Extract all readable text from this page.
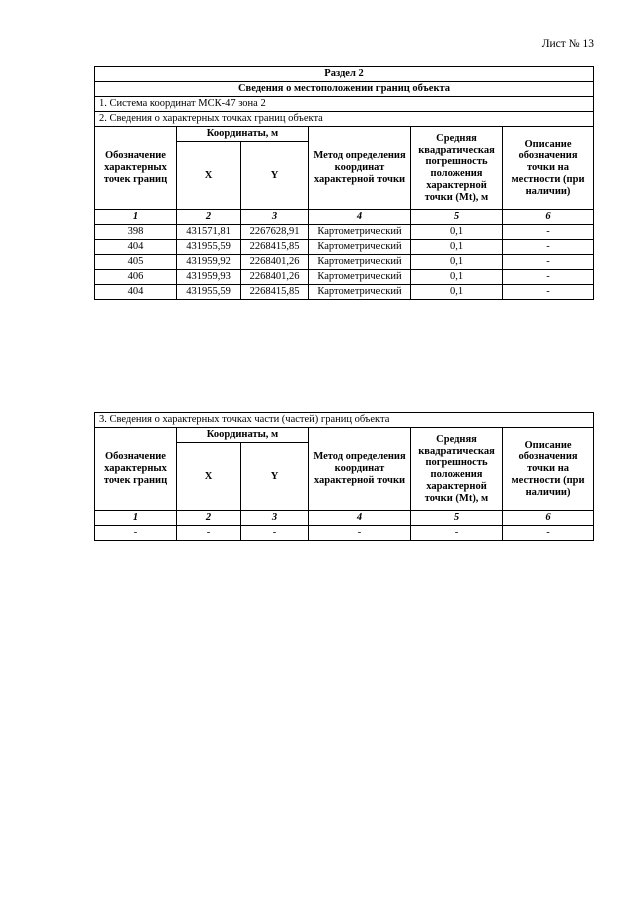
Лист № 13
Раздел 2					
Сведения о местоположении границ объекта					
1. Система координат МСК-47 зона 2					
2. Сведения о характерных точках границ объекта					
Обозначение характерных точек границ	Координаты, м		Метод определения координат характерной точки	Средняя квадратическая погрешность положения характерной точки (Mt), м	Описание обозначения точки на местности (при наличии)
	X	Y			
1	2	3	4	5	6
398	431571,81	2267628,91	Картометрический	0,1	-
404	431955,59	2268415,85	Картометрический	0,1	-
405	431959,92	2268401,26	Картометрический	0,1	-
406	431959,93	2268401,26	Картометрический	0,1	-
404	431955,59	2268415,85	Картометрический	0,1	-
3. Сведения о характерных точках части (частей) границ объекта					
Обозначение характерных точек границ	Координаты, м		Метод определения координат характерной точки	Средняя квадратическая погрешность положения характерной точки (Mt), м	Описание обозначения точки на местности (при наличии)
	X	Y			
1	2	3	4	5	6
-	-	-	-	-	-
